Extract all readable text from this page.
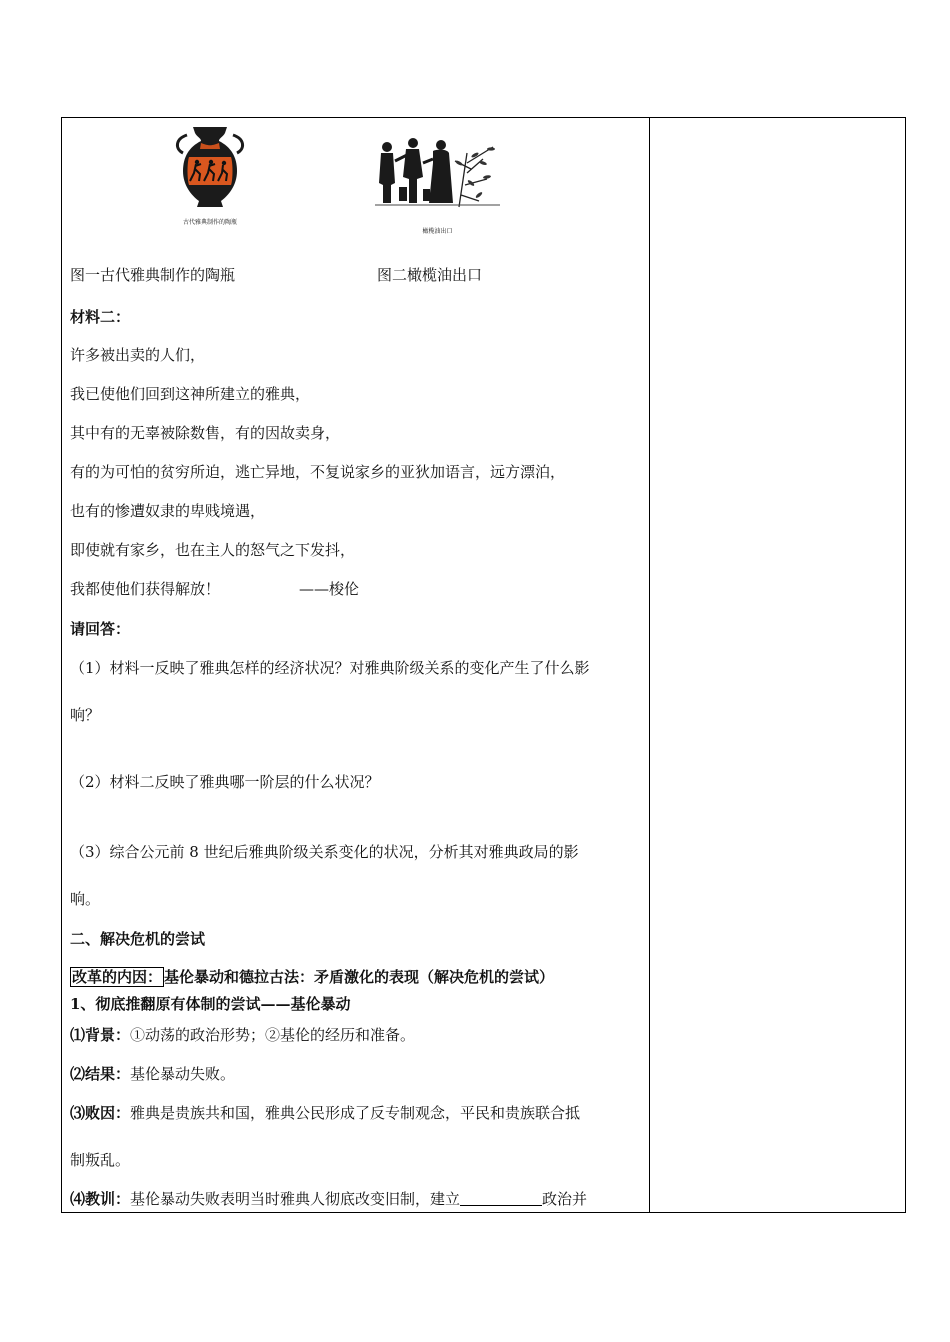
古代雅典制作的陶瓶
橄榄油出口
图一古代雅典制作的陶瓶	图二橄榄油出口
材料二：
许多被出卖的人们，
我已使他们回到这神所建立的雅典，
其中有的无辜被除数售，有的因故卖身，
有的为可怕的贫穷所迫，逃亡异地，不复说家乡的亚狄加语言，远方漂泊，
也有的惨遭奴隶的卑贱境遇，
即使就有家乡，也在主人的怒气之下发抖，
我都使他们获得解放！	——梭伦
请回答：
（1）材料一反映了雅典怎样的经济状况？对雅典阶级关系的变化产生了什么影
响？
（2）材料二反映了雅典哪一阶层的什么状况？
（3）综合公元前 8 世纪后雅典阶级关系变化的状况，分析其对雅典政局的影
响。
二、解决危机的尝试
改革的内因： 基伦暴动和德拉古法：矛盾激化的表现（解决危机的尝试）
1、彻底推翻原有体制的尝试——基伦暴动
⑴背景：①动荡的政治形势；②基伦的经历和准备。
⑵结果：基伦暴动失败。
⑶败因：雅典是贵族共和国，雅典公民形成了反专制观念，平民和贵族联合抵
制叛乱。
⑷教训：基伦暴动失败表明当时雅典人彻底改变旧制，建立	政治并
